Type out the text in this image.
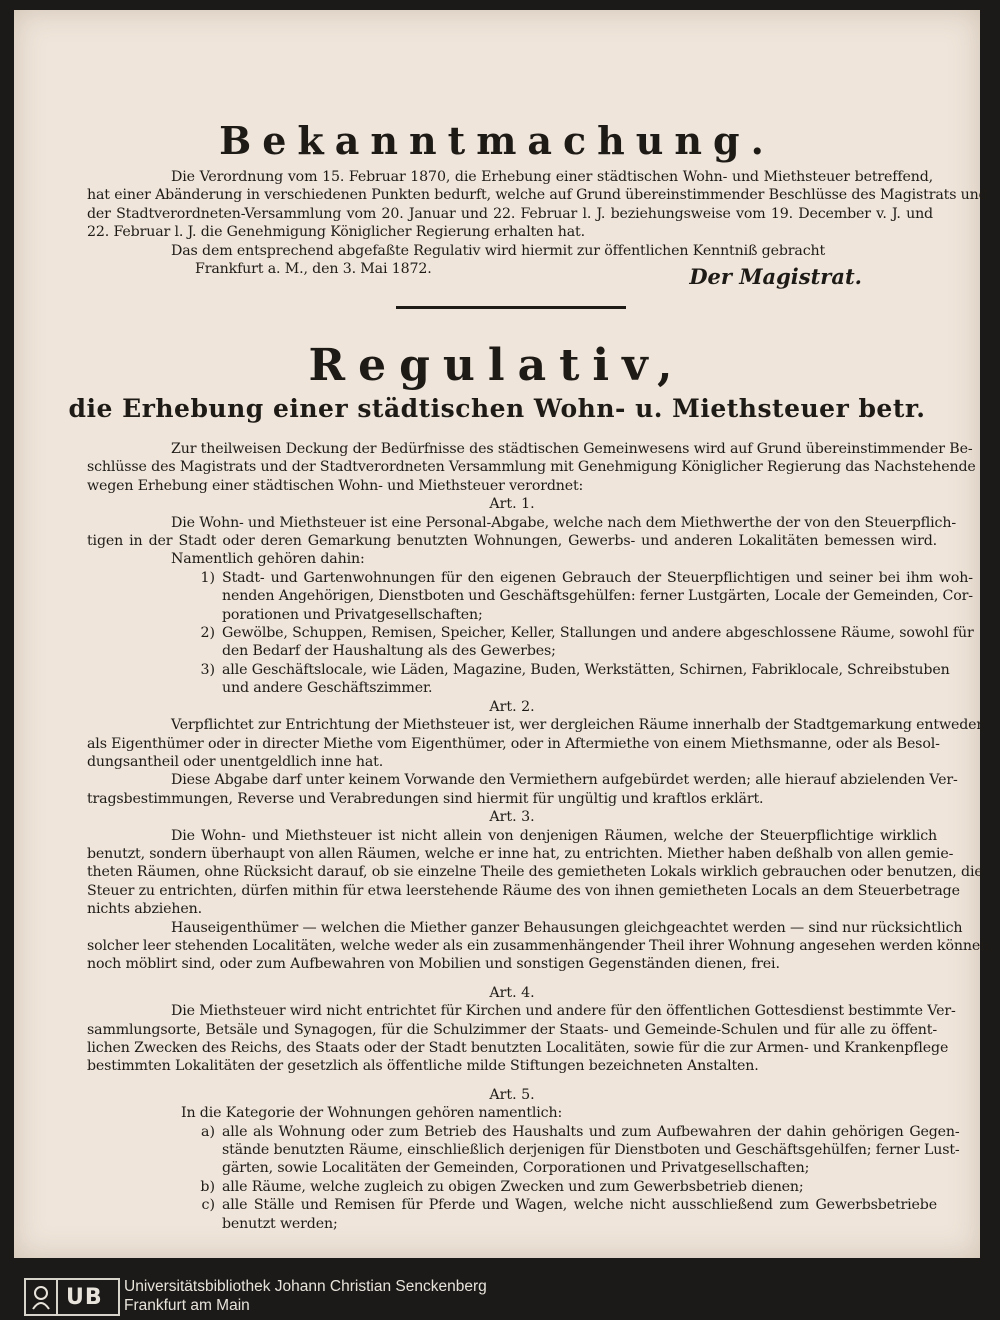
Bekanntmachung.
Die Verordnung vom 15. Februar 1870, die Erhebung einer städtischen Wohn- und Miethsteuer betreffend,
hat einer Abänderung in verschiedenen Punkten bedurft, welche auf Grund übereinstimmender Beschlüsse des Magistrats und
der Stadtverordneten-Versammlung vom 20. Januar und 22. Februar l. J. beziehungsweise vom 19. December v. J. und
22. Februar l. J. die Genehmigung Königlicher Regierung erhalten hat.
Das dem entsprechend abgefaßte Regulativ wird hiermit zur öffentlichen Kenntniß gebracht
Frankfurt a. M., den 3. Mai 1872.	Der Magistrat.
Regulativ,
die Erhebung einer städtischen Wohn- u. Miethsteuer betr.
Zur theilweisen Deckung der Bedürfnisse des städtischen Gemeinwesens wird auf Grund übereinstimmender Be-
schlüsse des Magistrats und der Stadtverordneten Versammlung mit Genehmigung Königlicher Regierung das Nachstehende
wegen Erhebung einer städtischen Wohn- und Miethsteuer verordnet:
Art. 1.
Die Wohn- und Miethsteuer ist eine Personal-Abgabe, welche nach dem Miethwerthe der von den Steuerpflich-
tigen in der Stadt oder deren Gemarkung benutzten Wohnungen, Gewerbs- und anderen Lokalitäten bemessen wird.
Namentlich gehören dahin:
1) Stadt- und Gartenwohnungen für den eigenen Gebrauch der Steuerpflichtigen und seiner bei ihm woh-
nenden Angehörigen, Dienstboten und Geschäftsgehülfen: ferner Lustgärten, Locale der Gemeinden, Cor-
porationen und Privatgesellschaften;
2) Gewölbe, Schuppen, Remisen, Speicher, Keller, Stallungen und andere abgeschlossene Räume, sowohl für
den Bedarf der Haushaltung als des Gewerbes;
3) alle Geschäftslocale, wie Läden, Magazine, Buden, Werkstätten, Schirnen, Fabriklocale, Schreibstuben
und andere Geschäftszimmer.
Art. 2.
Verpflichtet zur Entrichtung der Miethsteuer ist, wer dergleichen Räume innerhalb der Stadtgemarkung entweder
als Eigenthümer oder in directer Miethe vom Eigenthümer, oder in Aftermiethe von einem Miethsmanne, oder als Besol-
dungsantheil oder unentgeldlich inne hat.
Diese Abgabe darf unter keinem Vorwande den Vermiethern aufgebürdet werden; alle hierauf abzielenden Ver-
tragsbestimmungen, Reverse und Verabredungen sind hiermit für ungültig und kraftlos erklärt.
Art. 3.
Die Wohn- und Miethsteuer ist nicht allein von denjenigen Räumen, welche der Steuerpflichtige wirklich
benutzt, sondern überhaupt von allen Räumen, welche er inne hat, zu entrichten. Miether haben deßhalb von allen gemie-
theten Räumen, ohne Rücksicht darauf, ob sie einzelne Theile des gemietheten Lokals wirklich gebrauchen oder benutzen, die
Steuer zu entrichten, dürfen mithin für etwa leerstehende Räume des von ihnen gemietheten Locals an dem Steuerbetrage
nichts abziehen.
Hauseigenthümer — welchen die Miether ganzer Behausungen gleichgeachtet werden — sind nur rücksichtlich
solcher leer stehenden Localitäten, welche weder als ein zusammenhängender Theil ihrer Wohnung angesehen werden können,
noch möblirt sind, oder zum Aufbewahren von Mobilien und sonstigen Gegenständen dienen, frei.
Art. 4.
Die Miethsteuer wird nicht entrichtet für Kirchen und andere für den öffentlichen Gottesdienst bestimmte Ver-
sammlungsorte, Betsäle und Synagogen, für die Schulzimmer der Staats- und Gemeinde-Schulen und für alle zu öffent-
lichen Zwecken des Reichs, des Staats oder der Stadt benutzten Localitäten, sowie für die zur Armen- und Krankenpflege
bestimmten Lokalitäten der gesetzlich als öffentliche milde Stiftungen bezeichneten Anstalten.
Art. 5.
In die Kategorie der Wohnungen gehören namentlich:
a) alle als Wohnung oder zum Betrieb des Haushalts und zum Aufbewahren der dahin gehörigen Gegen-
stände benutzten Räume, einschließlich derjenigen für Dienstboten und Geschäftsgehülfen; ferner Lust-
gärten, sowie Localitäten der Gemeinden, Corporationen und Privatgesellschaften;
b) alle Räume, welche zugleich zu obigen Zwecken und zum Gewerbsbetrieb dienen;
c) alle Ställe und Remisen für Pferde und Wagen, welche nicht ausschließend zum Gewerbsbetriebe
benutzt werden;
UB Universitätsbibliothek Johann Christian Senckenberg
Frankfurt am Main
